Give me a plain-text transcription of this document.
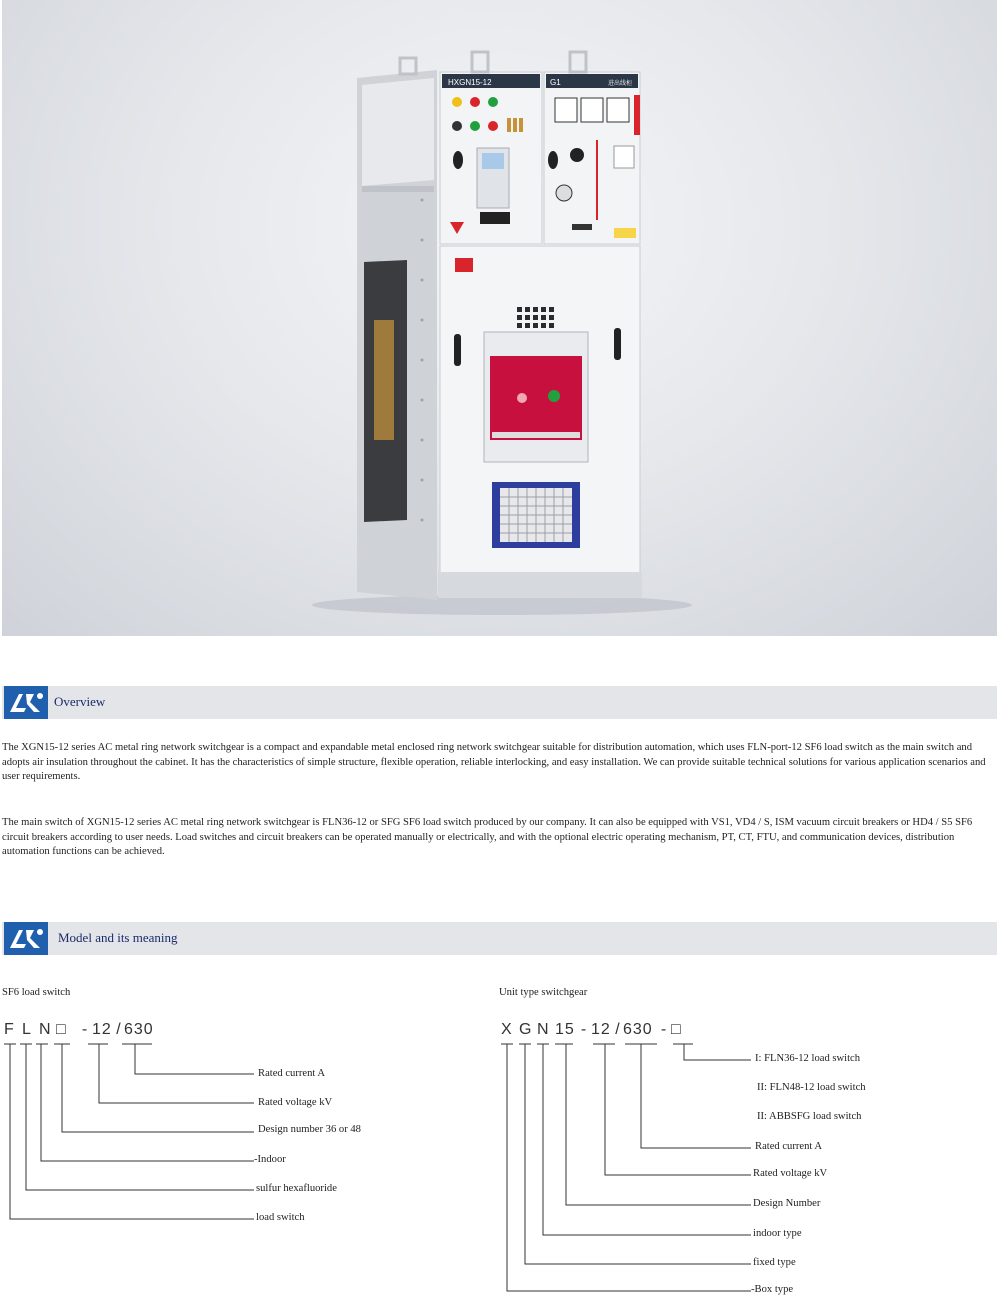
HXGN15-12	G1	进出线柜
Overview

The XGN15-12 series AC metal ring network switchgear is a compact and expandable metal enclosed ring network switchgear suitable for distribution automation, which uses FLN-port-12 SF6 load switch as the main switch and adopts air insulation throughout the cabinet. It has the characteristics of simple structure, flexible operation, reliable interlocking, and easy installation. We can provide suitable technical solutions for various application scenarios and user requirements.

The main switch of XGN15-12 series AC metal ring network switchgear is FLN36-12 or SFG SF6 load switch produced by our company. It can also be equipped with VS1, VD4 / S, ISM vacuum circuit breakers or HD4 / S5 SF6 circuit breakers according to user needs. Load switches and circuit breakers can be operated manually or electrically, and with the optional electric operating mechanism, PT, CT, FTU, and communication devices, distribution automation functions can be achieved.

Model and its meaning
SF6 load switch
F L N □ - 12 / 630
Rated current A
Rated voltage kV
Design number 36 or 48
-Indoor
sulfur hexafluoride
load switch
Unit type switchgear
X G N 15 - 12 / 630 - □
I: FLN36-12 load switch
II: FLN48-12 load switch
II: ABBSFG load switch
Rated current A
Rated voltage kV
Design Number
indoor type
fixed type
-Box type
